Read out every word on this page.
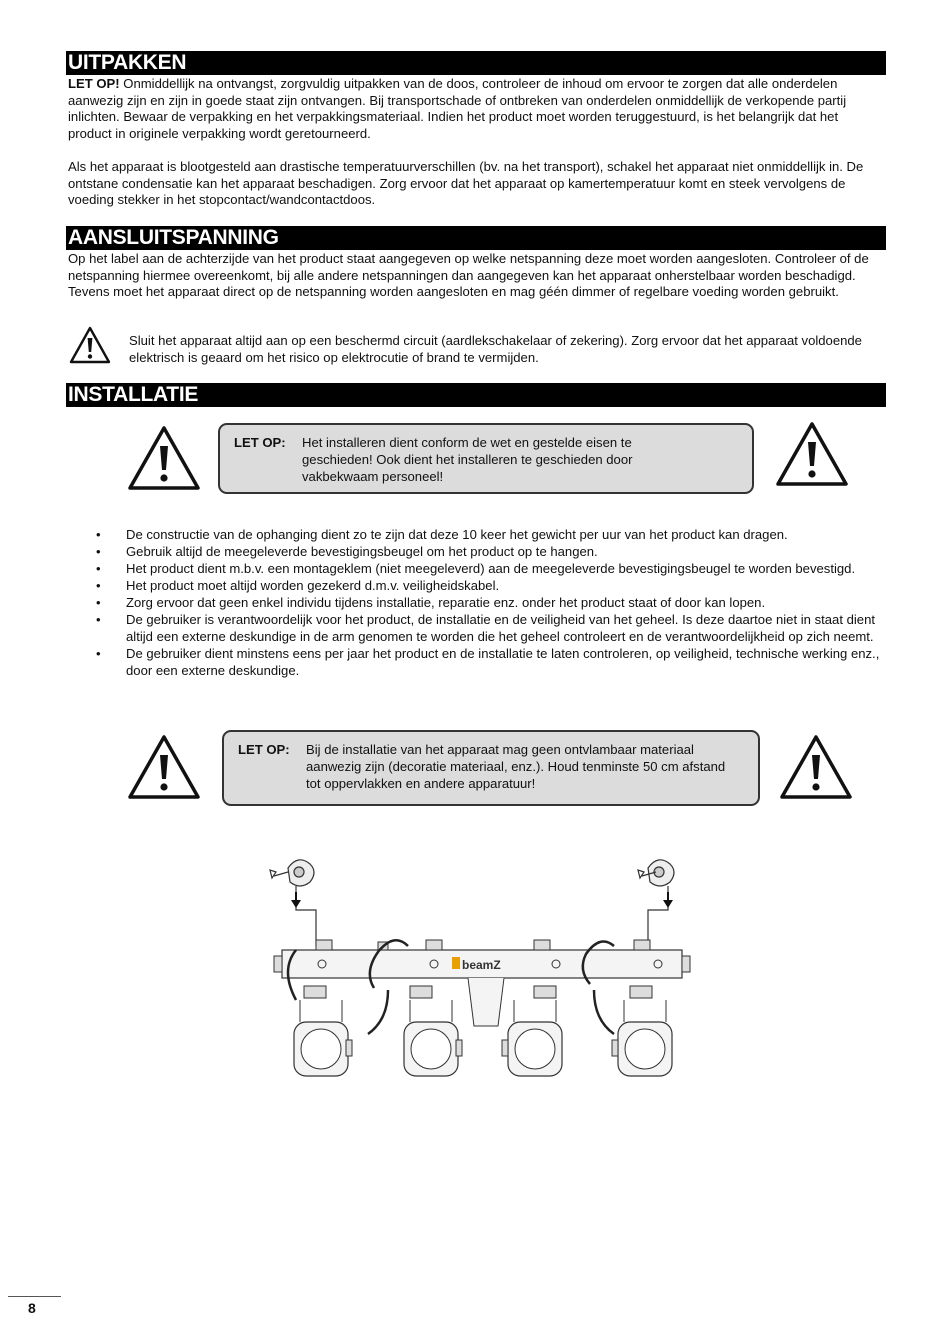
UITPAKKEN

LET OP! Onmiddellijk na ontvangst, zorgvuldig uitpakken van de doos, controleer de inhoud om ervoor te zorgen dat alle onderdelen aanwezig zijn en zijn in goede staat zijn ontvangen. Bij transportschade of ontbreken van onderdelen onmiddellijk de verkopende partij inlichten. Bewaar de verpakking en het verpakkingsmateriaal. Indien het product moet worden teruggestuurd, is het belangrijk dat het product in originele verpakking wordt geretourneerd.

Als het apparaat is blootgesteld aan drastische temperatuurverschillen (bv. na het transport), schakel het apparaat niet onmiddellijk in. De ontstane condensatie kan het apparaat beschadigen. Zorg ervoor dat het apparaat op kamertemperatuur komt en steek vervolgens de voeding stekker in het stopcontact/wandcontactdoos.

AANSLUITSPANNING

Op het label aan de achterzijde van het product staat aangegeven op welke netspanning deze moet worden aangesloten. Controleer of de netspanning hiermee overeenkomt, bij alle andere netspanningen dan aangegeven kan het apparaat onherstelbaar worden beschadigd. Tevens moet het apparaat direct op de netspanning worden aangesloten en mag géén dimmer of regelbare voeding worden gebruikt.

Sluit het apparaat altijd aan op een beschermd circuit (aardlekschakelaar of zekering). Zorg ervoor dat het apparaat voldoende elektrisch is geaard om het risico op elektrocutie of brand te vermijden.

INSTALLATIE
LET OP: Het installeren dient conform de wet en gestelde eisen te geschieden! Ook dient het installeren te geschieden door vakbekwaam personeel!
• De constructie van de ophanging dient zo te zijn dat deze 10 keer het gewicht per uur van het product kan dragen.
• Gebruik altijd de meegeleverde bevestigingsbeugel om het product op te hangen.
• Het product dient m.b.v. een montageklem (niet meegeleverd) aan de meegeleverde bevestigingsbeugel te worden bevestigd.
• Het product moet altijd worden gezekerd d.m.v. veiligheidskabel.
• Zorg ervoor dat geen enkel individu tijdens installatie, reparatie enz. onder het product staat of door kan lopen.
• De gebruiker is verantwoordelijk voor het product, de installatie en de veiligheid van het geheel. Is deze daartoe niet in staat dient altijd een externe deskundige in de arm genomen te worden die het geheel controleert en de verantwoordelijkheid op zich neemt.
• De gebruiker dient minstens eens per jaar het product en de installatie te laten controleren, op veiligheid, technische werking enz., door een externe deskundige.
LET OP: Bij de installatie van het apparaat mag geen ontvlambaar materiaal aanwezig zijn (decoratie materiaal, enz.). Houd tenminste 50 cm afstand tot oppervlakken en andere apparatuur!
beamZ
8
